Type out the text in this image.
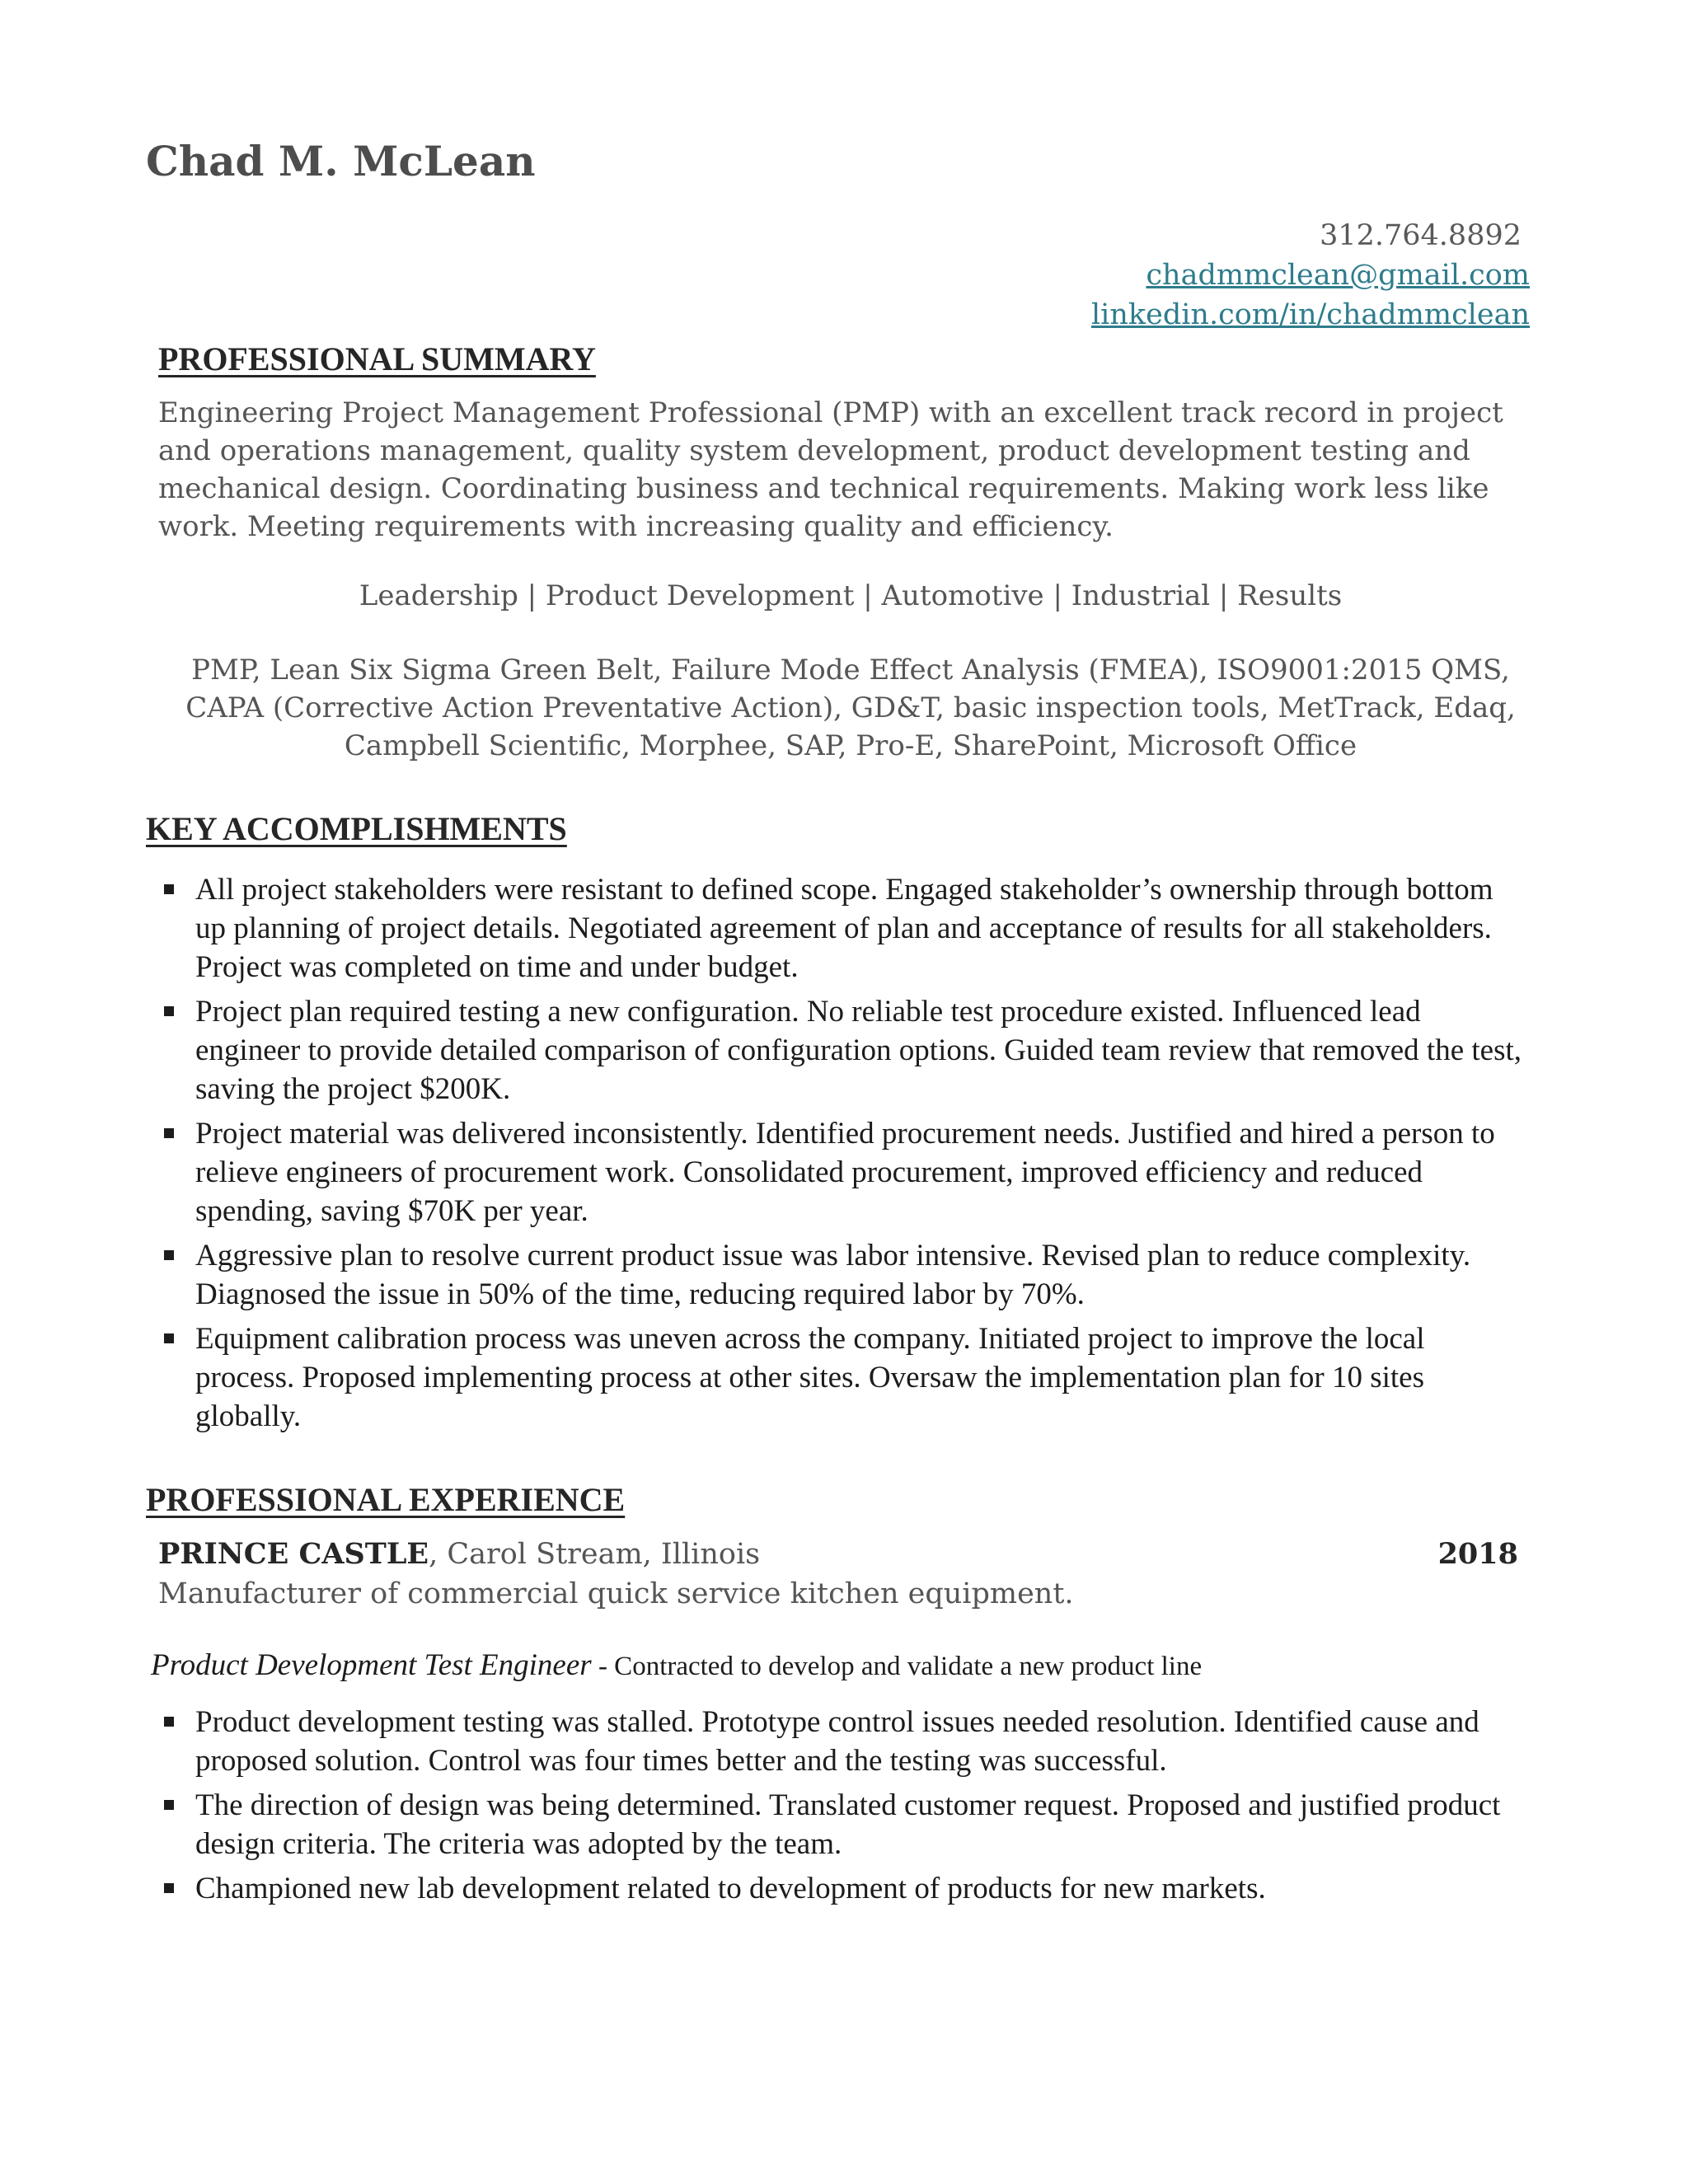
Chad M. McLean
312.764.8892
chadmmclean@gmail.com
linkedin.com/in/chadmmclean
PROFESSIONAL SUMMARY

Engineering Project Management Professional (PMP) with an excellent track record in project and operations management, quality system development, product development testing and mechanical design. Coordinating business and technical requirements. Making work less like work. Meeting requirements with increasing quality and efficiency.

Leadership | Product Development | Automotive | Industrial | Results

PMP, Lean Six Sigma Green Belt, Failure Mode Effect Analysis (FMEA), ISO9001:2015 QMS, CAPA (Corrective Action Preventative Action), GD&T, basic inspection tools, MetTrack, Edaq, Campbell Scientific, Morphee, SAP, Pro-E, SharePoint, Microsoft Office

KEY ACCOMPLISHMENTS
All project stakeholders were resistant to defined scope. Engaged stakeholder’s ownership through bottom up planning of project details. Negotiated agreement of plan and acceptance of results for all stakeholders. Project was completed on time and under budget.
Project plan required testing a new configuration. No reliable test procedure existed. Influenced lead engineer to provide detailed comparison of configuration options. Guided team review that removed the test, saving the project $200K.
Project material was delivered inconsistently. Identified procurement needs. Justified and hired a person to relieve engineers of procurement work. Consolidated procurement, improved efficiency and reduced spending, saving $70K per year.
Aggressive plan to resolve current product issue was labor intensive. Revised plan to reduce complexity. Diagnosed the issue in 50% of the time, reducing required labor by 70%.
Equipment calibration process was uneven across the company. Initiated project to improve the local process. Proposed implementing process at other sites. Oversaw the implementation plan for 10 sites globally.
PROFESSIONAL EXPERIENCE
PRINCE CASTLE, Carol Stream, Illinois	2018
Manufacturer of commercial quick service kitchen equipment.
Product Development Test Engineer - Contracted to develop and validate a new product line
Product development testing was stalled. Prototype control issues needed resolution. Identified cause and proposed solution. Control was four times better and the testing was successful.
The direction of design was being determined. Translated customer request. Proposed and justified product design criteria. The criteria was adopted by the team.
Championed new lab development related to development of products for new markets.
